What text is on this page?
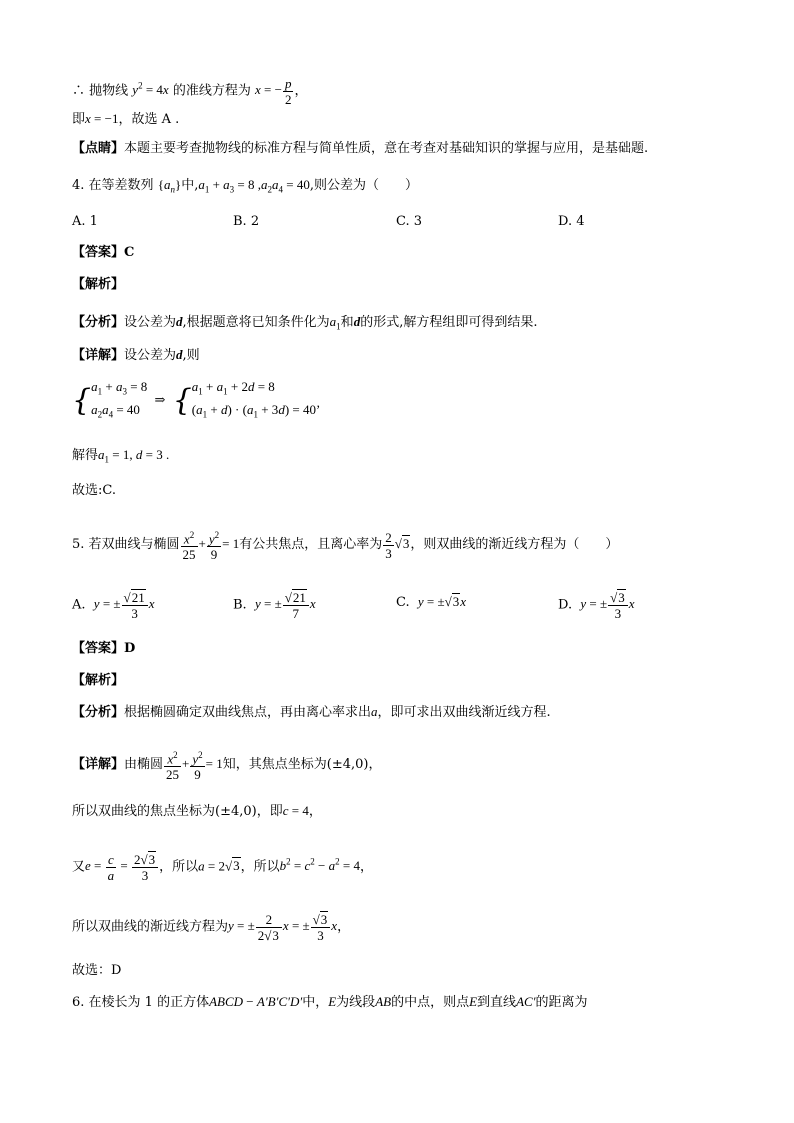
∴ 抛物线 $y^2 = 4x$ 的准线方程为 x = − $\frac{p}{2}$ ，
即x = −1，故选 A .
【点睛】本题主要考查抛物线的标准方程与简单性质，意在考查对基础知识的掌握与应用，是基础题.
4. 在等差数列 $\{a_n\}$中$,a_1 + a_3 = 8$ $,a_2a_4 = 40$,则公差为（　　）
A. 1	B. 2	C. 3	D. 4
【答案】C
【解析】
【分析】设公差为d,根据题意将已知条件化为$a_1$和d的形式,解方程组即可得到结果.
【详解】设公差为d,则
{$a_1 + a_3 = 8$
$a_2a_4 = 40$ ⇒ {$a_1 + a_1 + 2d = 8$
$(a_1 + d) \cdot (a_1 + 3d) = 40$’
解得$a_1 = 1$, d = 3 .
故选:C.
5. 若双曲线与椭圆 $\frac{x^2}{25} + \frac{y^2}{9} = 1$有公共焦点，且离心率为 $\frac{2}{3} √3$，则双曲线的渐近线方程为（　　）
A.  y = ± $\frac{√21}{3}$ x	B.  y = ± $\frac{√21}{7}$ x	C.  y = ±√3x	D.  y = ± $\frac{√3}{3}$ x
【答案】D
【解析】
【分析】根据椭圆确定双曲线焦点，再由离心率求出a，即可求出双曲线渐近线方程.
【详解】由椭圆 $\frac{x^2}{25} + \frac{y^2}{9} = 1$知，其焦点坐标为(±4,0)，
所以双曲线的焦点坐标为(±4,0)，即c = 4，
又$e = \frac{c}{a} = \frac{2√3}{3}$ ，所以a = 2√3，所以$b^2 = c^2 - a^2 = 4$，
所以双曲线的渐近线方程为y = ± $\frac{2}{2√3}$ x = ± $\frac{√3}{3}$ x，
故选：D
6. 在棱长为 1 的正方体ABCD − A′B′C′D′中，E为线段AB的中点，则点E到直线AC′的距离为
